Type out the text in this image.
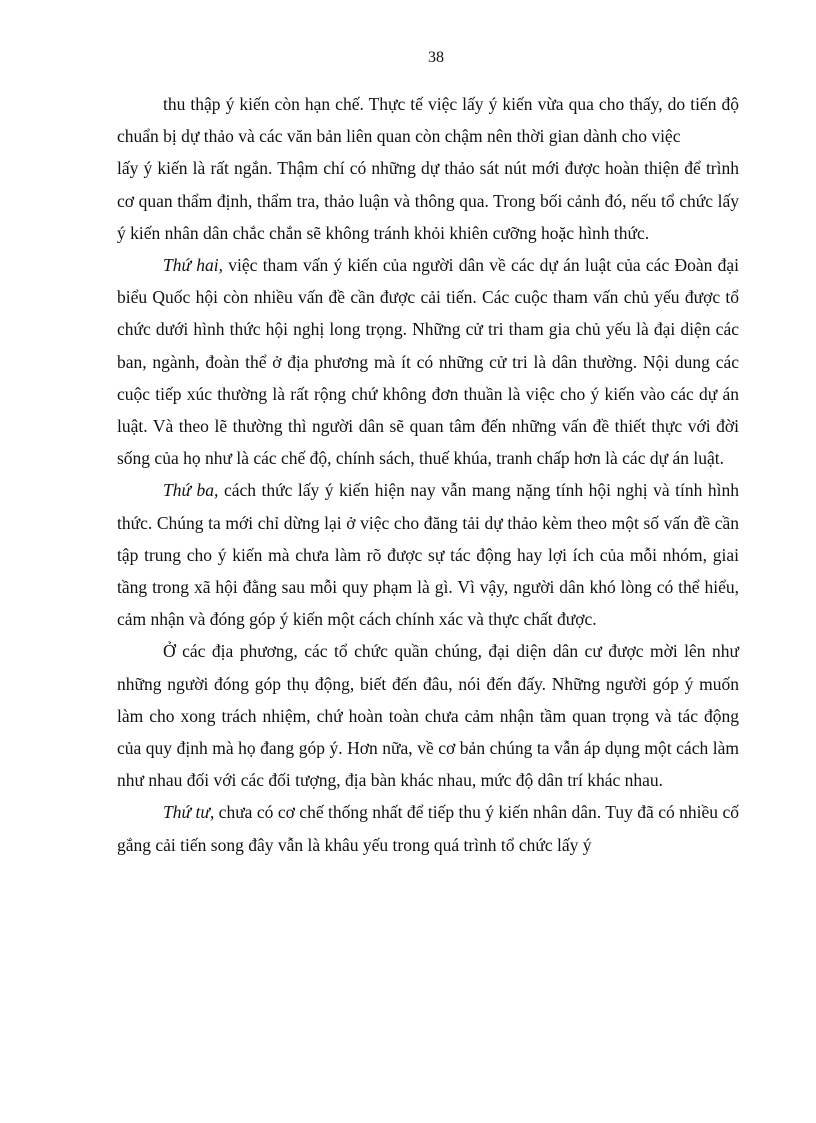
38

thu thập ý kiến còn hạn chế. Thực tế việc lấy ý kiến vừa qua cho thấy, do tiến độ chuẩn bị dự thảo và các văn bản liên quan còn chậm nên thời gian dành cho việc

lấy ý kiến là rất ngắn. Thậm chí có những dự thảo sát nút mới được hoàn thiện để trình cơ quan thẩm định, thẩm tra, thảo luận và thông qua. Trong bối cảnh đó, nếu tổ chức lấy ý kiến nhân dân chắc chắn sẽ không tránh khỏi khiên cưỡng hoặc hình thức.

Thứ hai, việc tham vấn ý kiến của người dân về các dự án luật của các Đoàn đại biểu Quốc hội còn nhiều vấn đề cần được cải tiến. Các cuộc tham vấn chủ yếu được tổ chức dưới hình thức hội nghị long trọng. Những cử tri tham gia chủ yếu là đại diện các ban, ngành, đoàn thể ở địa phương mà ít có những cử tri là dân thường. Nội dung các cuộc tiếp xúc thường là rất rộng chứ không đơn thuần là việc cho ý kiến vào các dự án luật. Và theo lẽ thường thì người dân sẽ quan tâm đến những vấn đề thiết thực với đời sống của họ như là các chế độ, chính sách, thuế khúa, tranh chấp hơn là các dự án luật.

Thứ ba, cách thức lấy ý kiến hiện nay vẫn mang nặng tính hội nghị và tính hình thức. Chúng ta mới chỉ dừng lại ở việc cho đăng tải dự thảo kèm theo một số vấn đề cần tập trung cho ý kiến mà chưa làm rõ được sự tác động hay lợi ích của mỗi nhóm, giai tầng trong xã hội đằng sau mỗi quy phạm là gì. Vì vậy, người dân khó lòng có thể hiểu, cảm nhận và đóng góp ý kiến một cách chính xác và thực chất được.

Ở các địa phương, các tổ chức quần chúng, đại diện dân cư được mời lên như những người đóng góp thụ động, biết đến đâu, nói đến đấy. Những người góp ý muốn làm cho xong trách nhiệm, chứ hoàn toàn chưa cảm nhận tầm quan trọng và tác động của quy định mà họ đang góp ý. Hơn nữa, về cơ bản chúng ta vẫn áp dụng một cách làm như nhau đối với các đối tượng, địa bàn khác nhau, mức độ dân trí khác nhau.

Thứ tư, chưa có cơ chế thống nhất để tiếp thu ý kiến nhân dân. Tuy đã có nhiều cố gắng cải tiến song đây vẫn là khâu yếu trong quá trình tổ chức lấy ý
